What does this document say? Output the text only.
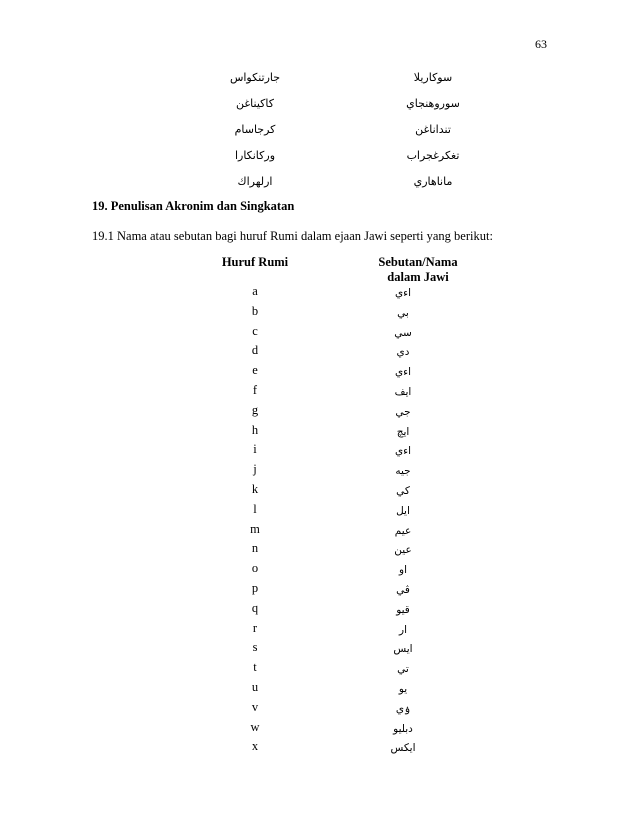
63
جارتنكواس	سوكاريلا
كاكيناغن	سوروهنجاي
كرجاسام	تنداناغن
وركانكارا	تغكرغجراب
ارلهراك	ماناهاري
19. Penulisan Akronim dan Singkatan
19.1 Nama atau sebutan bagi huruf Rumi dalam ejaan Jawi seperti yang berikut:
Huruf Rumi	Sebutan/Nama
dalam Jawi
a	اءي
b	بي
c	سي
d	دي
e	اءي
f	ايف
g	جي
h	ايچ
i	اءي
j	جيه
k	كي
l	ايل
m	عيم
n	عين
o	او
p	ڤي
q	قيو
r	ار
s	ايس
t	تي
u	يو
v	ۏي
w	دبليو
x	ايكس
